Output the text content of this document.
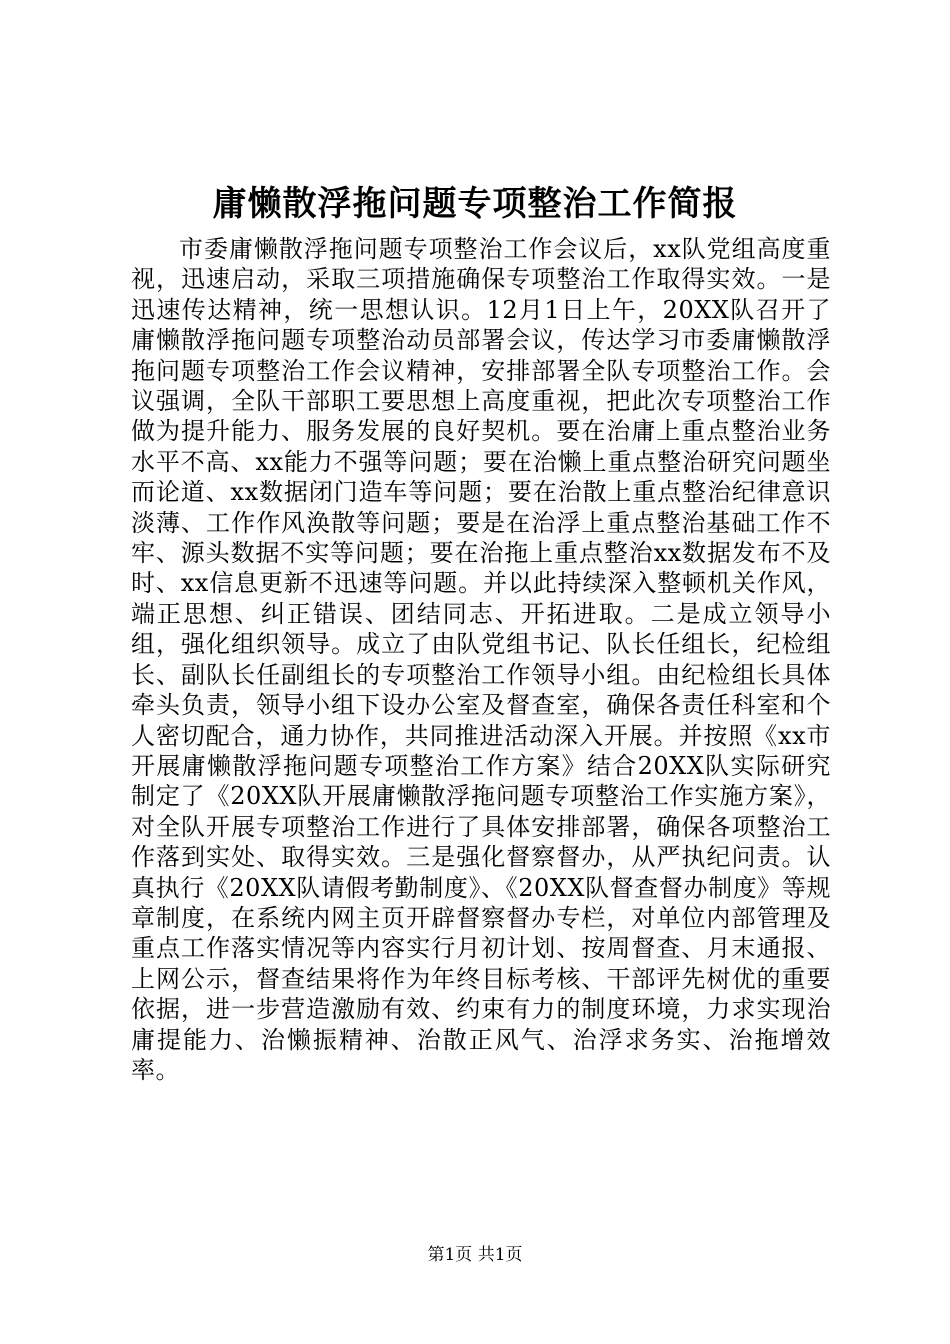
庸懒散浮拖问题专项整治工作简报

市委庸懒散浮拖问题专项整治工作会议后，xx队党组高度重视，迅速启动，采取三项措施确保专项整治工作取得实效。一是迅速传达精神，统一思想认识。12月1日上午，20XX队召开了庸懒散浮拖问题专项整治动员部署会议，传达学习市委庸懒散浮拖问题专项整治工作会议精神，安排部署全队专项整治工作。会议强调，全队干部职工要思想上高度重视，把此次专项整治工作做为提升能力、服务发展的良好契机。要在治庸上重点整治业务水平不高、xx能力不强等问题；要在治懒上重点整治研究问题坐而论道、xx数据闭门造车等问题；要在治散上重点整治纪律意识淡薄、工作作风涣散等问题；要是在治浮上重点整治基础工作不牢、源头数据不实等问题；要在治拖上重点整治xx数据发布不及时、xx信息更新不迅速等问题。并以此持续深入整顿机关作风，端正思想、纠正错误、团结同志、开拓进取。二是成立领导小组，强化组织领导。成立了由队党组书记、队长任组长，纪检组长、副队长任副组长的专项整治工作领导小组。由纪检组长具体牵头负责，领导小组下设办公室及督查室，确保各责任科室和个人密切配合，通力协作，共同推进活动深入开展。并按照《xx市开展庸懒散浮拖问题专项整治工作方案》结合20XX队实际研究制定了《20XX队开展庸懒散浮拖问题专项整治工作实施方案》，对全队开展专项整治工作进行了具体安排部署，确保各项整治工作落到实处、取得实效。三是强化督察督办，从严执纪问责。认真执行《20XX队请假考勤制度》、《20XX队督查督办制度》等规章制度，在系统内网主页开辟督察督办专栏，对单位内部管理及重点工作落实情况等内容实行月初计划、按周督查、月末通报、上网公示，督查结果将作为年终目标考核、干部评先树优的重要依据，进一步营造激励有效、约束有力的制度环境，力求实现治庸提能力、治懒振精神、治散正风气、治浮求务实、治拖增效率。

第1页 共1页
